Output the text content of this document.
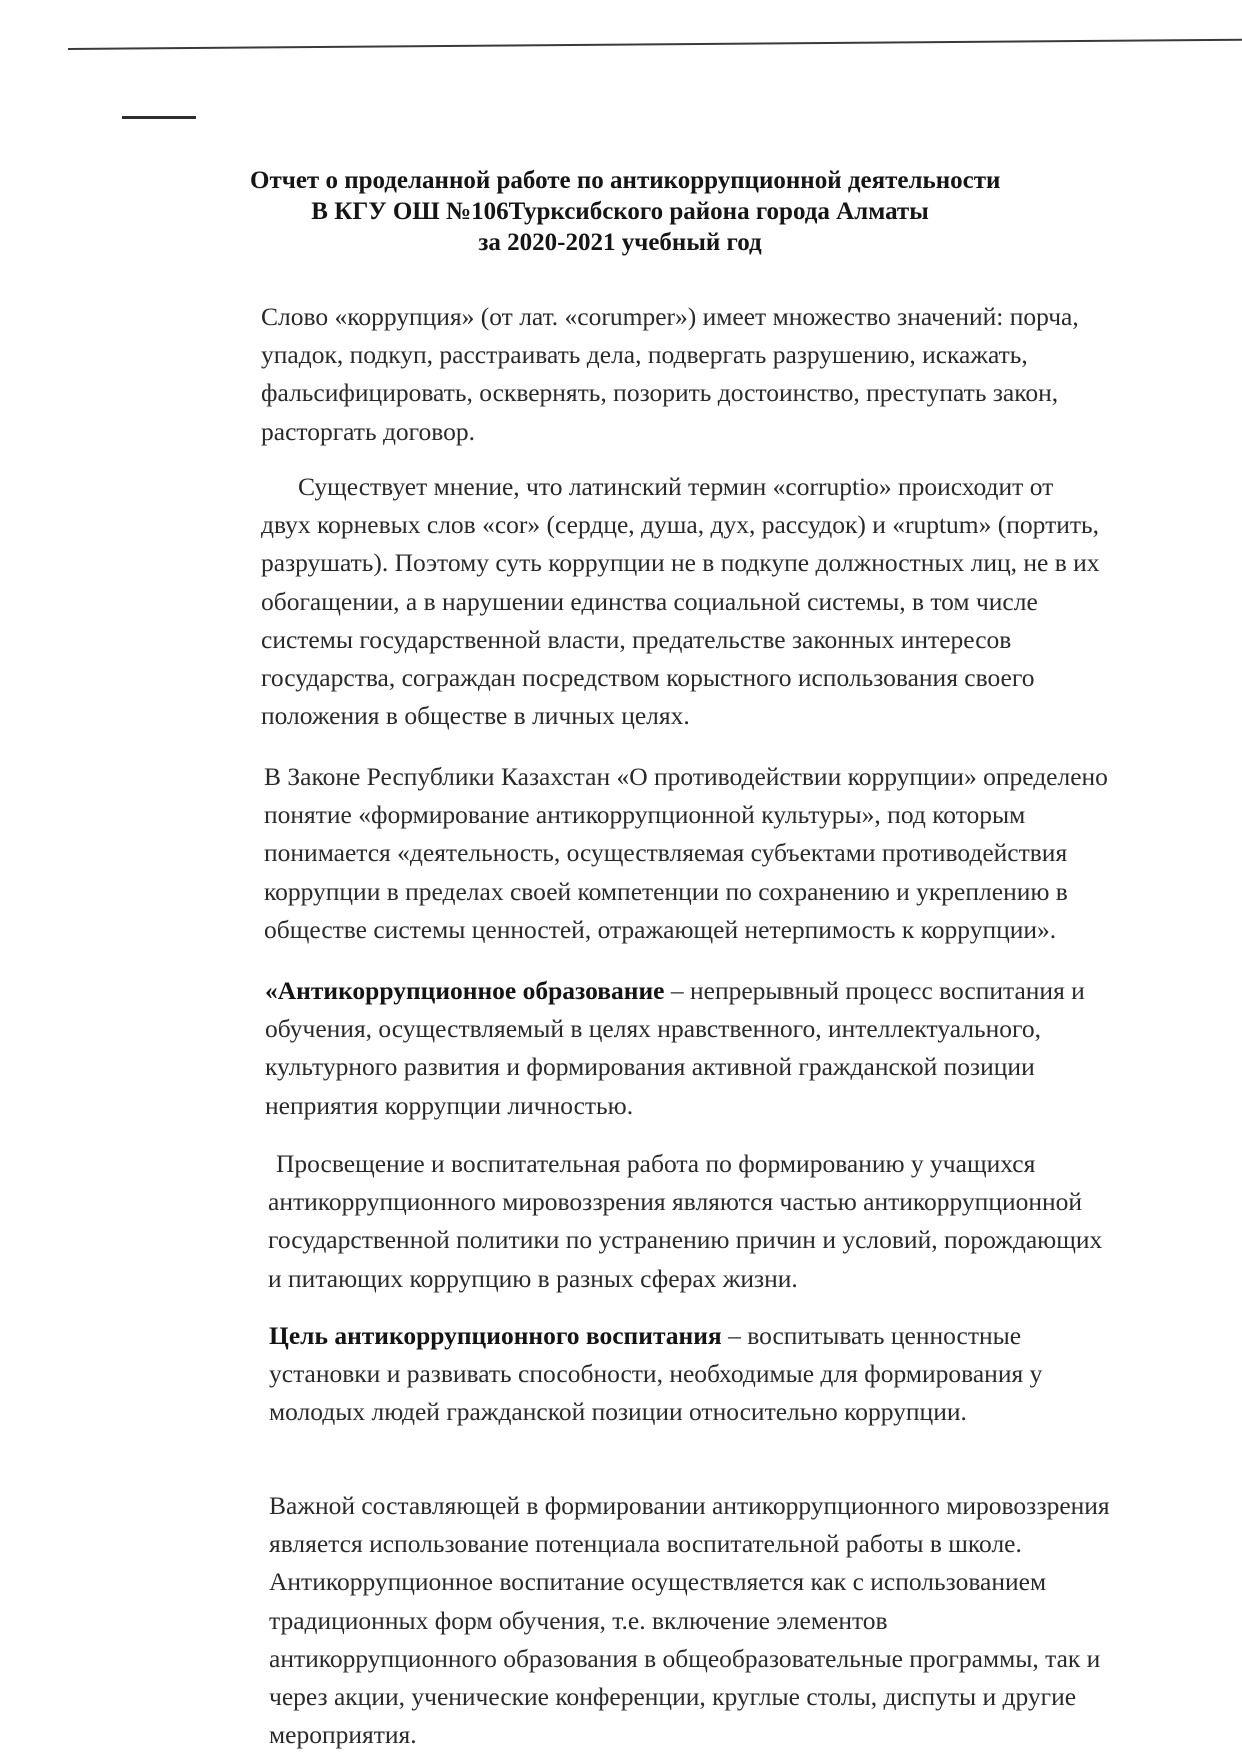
Отчет о проделанной работе по антикоррупционной деятельности
В КГУ ОШ №106Турксибского района города Алматы
за 2020-2021 учебный год

Слово «коррупция» (от лат. «corumper») имеет множество значений: порча,
упадок, подкуп, расстраивать дела, подвергать разрушению, искажать,
фальсифицировать, осквернять, позорить достоинство, преступать закон,
расторгать договор.

Существует мнение, что латинский термин «corruptio» происходит от
двух корневых слов «cor» (сердце, душа, дух, рассудок) и «ruptum» (портить,
разрушать). Поэтому суть коррупции не в подкупе должностных лиц, не в их
обогащении, а в нарушении единства социальной системы, в том числе
системы государственной власти, предательстве законных интересов
государства, сограждан посредством корыстного использования своего
положения в обществе в личных целях.

В Законе Республики Казахстан «О противодействии коррупции» определено
понятие «формирование антикоррупционной культуры», под которым
понимается «деятельность, осуществляемая субъектами противодействия
коррупции в пределах своей компетенции по сохранению и укреплению в
обществе системы ценностей, отражающей нетерпимость к коррупции».

«Антикоррупционное образование – непрерывный процесс воспитания и
обучения, осуществляемый в целях нравственного, интеллектуального,
культурного развития и формирования активной гражданской позиции
неприятия коррупции личностью.

Просвещение и воспитательная работа по формированию у учащихся
антикоррупционного мировоззрения являются частью антикоррупционной
государственной политики по устранению причин и условий, порождающих
и питающих коррупцию в разных сферах жизни.

Цель антикоррупционного воспитания – воспитывать ценностные
установки и развивать способности, необходимые для формирования у
молодых людей гражданской позиции относительно коррупции.

Важной составляющей в формировании антикоррупционного мировоззрения
является использование потенциала воспитательной работы в школе.
Антикоррупционное воспитание осуществляется как с использованием
традиционных форм обучения, т.е. включение элементов
антикоррупционного образования в общеобразовательные программы, так и
через акции, ученические конференции, круглые столы, диспуты и другие
мероприятия.
